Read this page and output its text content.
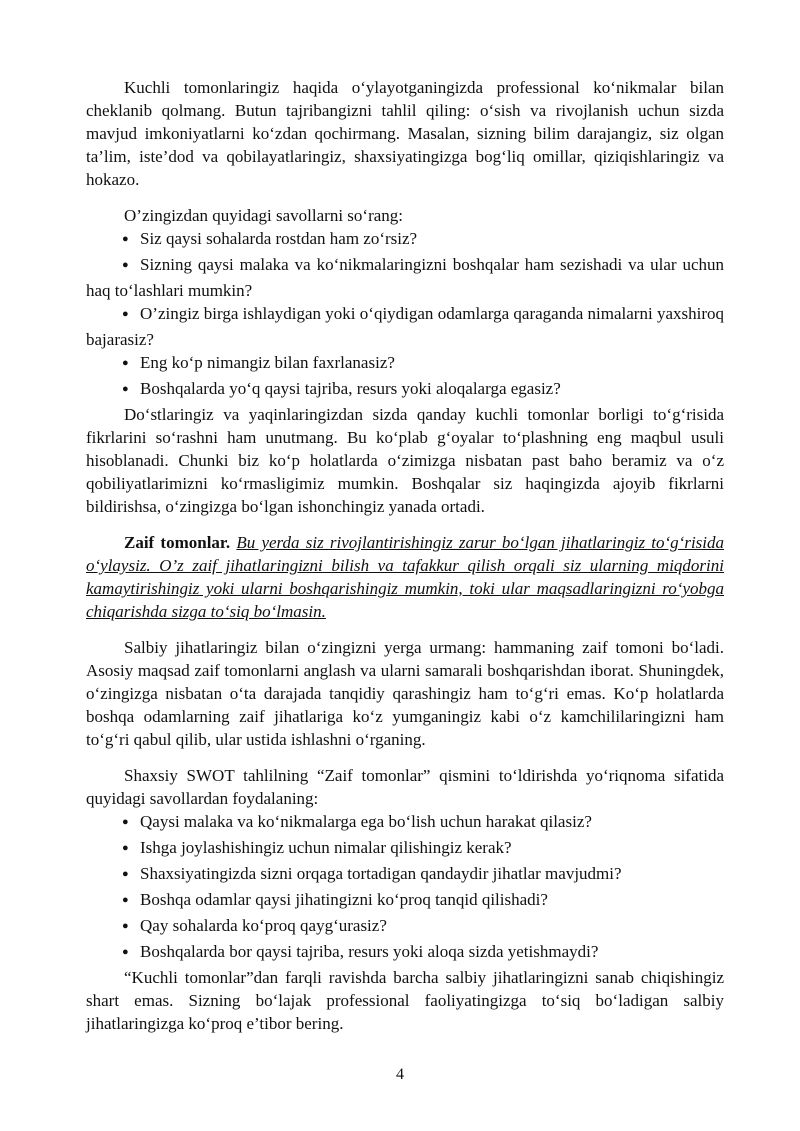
Kuchli tomonlaringiz haqida o‘ylayotganingizda professional ko‘nikmalar bilan cheklanib qolmang. Butun tajribangizni tahlil qiling: o‘sish va rivojlanish uchun sizda mavjud imkoniyatlarni ko‘zdan qochirmang. Masalan, sizning bilim darajangiz, siz olgan ta’lim, iste’dod va qobilayatlaringiz, shaxsiyatingizga bog‘liq omillar, qiziqishlaringiz va hokazo.

O’zingizdan quyidagi savollarni so‘rang:

●Siz qaysi sohalarda rostdan ham zo‘rsiz?
●Sizning qaysi malaka va ko‘nikmalaringizni boshqalar ham sezishadi va ular uchun haq to‘lashlari mumkin?
●O’zingiz birga ishlaydigan yoki o‘qiydigan odamlarga qaraganda nimalarni yaxshiroq bajarasiz?
●Eng ko‘p nimangiz bilan faxrlanasiz?
●Boshqalarda yo‘q qaysi tajriba, resurs yoki aloqalarga egasiz?

Do‘stlaringiz va yaqinlaringizdan sizda qanday kuchli tomonlar borligi to‘g‘risida fikrlarini so‘rashni ham unutmang. Bu ko‘plab g‘oyalar to‘plashning eng maqbul usuli hisoblanadi. Chunki biz ko‘p holatlarda o‘zimizga nisbatan past baho beramiz va o‘z qobiliyatlarimizni ko‘rmasligimiz mumkin. Boshqalar siz haqingizda ajoyib fikrlarni bildirishsa, o‘zingizga bo‘lgan ishonchingiz yanada ortadi.

Zaif tomonlar. Bu yerda siz rivojlantirishingiz zarur bo‘lgan jihatlaringiz to‘g‘risida o‘ylaysiz. O’z zaif jihatlaringizni bilish va tafakkur qilish orqali siz ularning miqdorini kamaytirishingiz yoki ularni boshqarishingiz mumkin, toki ular maqsadlaringizni ro‘yobga chiqarishda sizga to‘siq bo‘lmasin.

Salbiy jihatlaringiz bilan o‘zingizni yerga urmang: hammaning zaif tomoni bo‘ladi. Asosiy maqsad zaif tomonlarni anglash va ularni samarali boshqarishdan iborat. Shuningdek, o‘zingizga nisbatan o‘ta darajada tanqidiy qarashingiz ham to‘g‘ri emas. Ko‘p holatlarda boshqa odamlarning zaif jihatlariga ko‘z yumganingiz kabi o‘z kamchililaringizni ham to‘g‘ri qabul qilib, ular ustida ishlashni o‘rganing.

Shaxsiy SWOT tahlilning “Zaif tomonlar” qismini to‘ldirishda yo‘riqnoma sifatida quyidagi savollardan foydalaning:

●Qaysi malaka va ko‘nikmalarga ega bo‘lish uchun harakat qilasiz?
●Ishga joylashishingiz uchun nimalar qilishingiz kerak?
●Shaxsiyatingizda sizni orqaga tortadigan qandaydir jihatlar mavjudmi?
●Boshqa odamlar qaysi jihatingizni ko‘proq tanqid qilishadi?
●Qay sohalarda ko‘proq qayg‘urasiz?
●Boshqalarda bor qaysi tajriba, resurs yoki aloqa sizda yetishmaydi?

“Kuchli tomonlar”dan farqli ravishda barcha salbiy jihatlaringizni sanab chiqishingiz shart emas. Sizning bo‘lajak professional faoliyatingizga to‘siq bo‘ladigan salbiy jihatlaringizga ko‘proq e’tibor bering.

4
